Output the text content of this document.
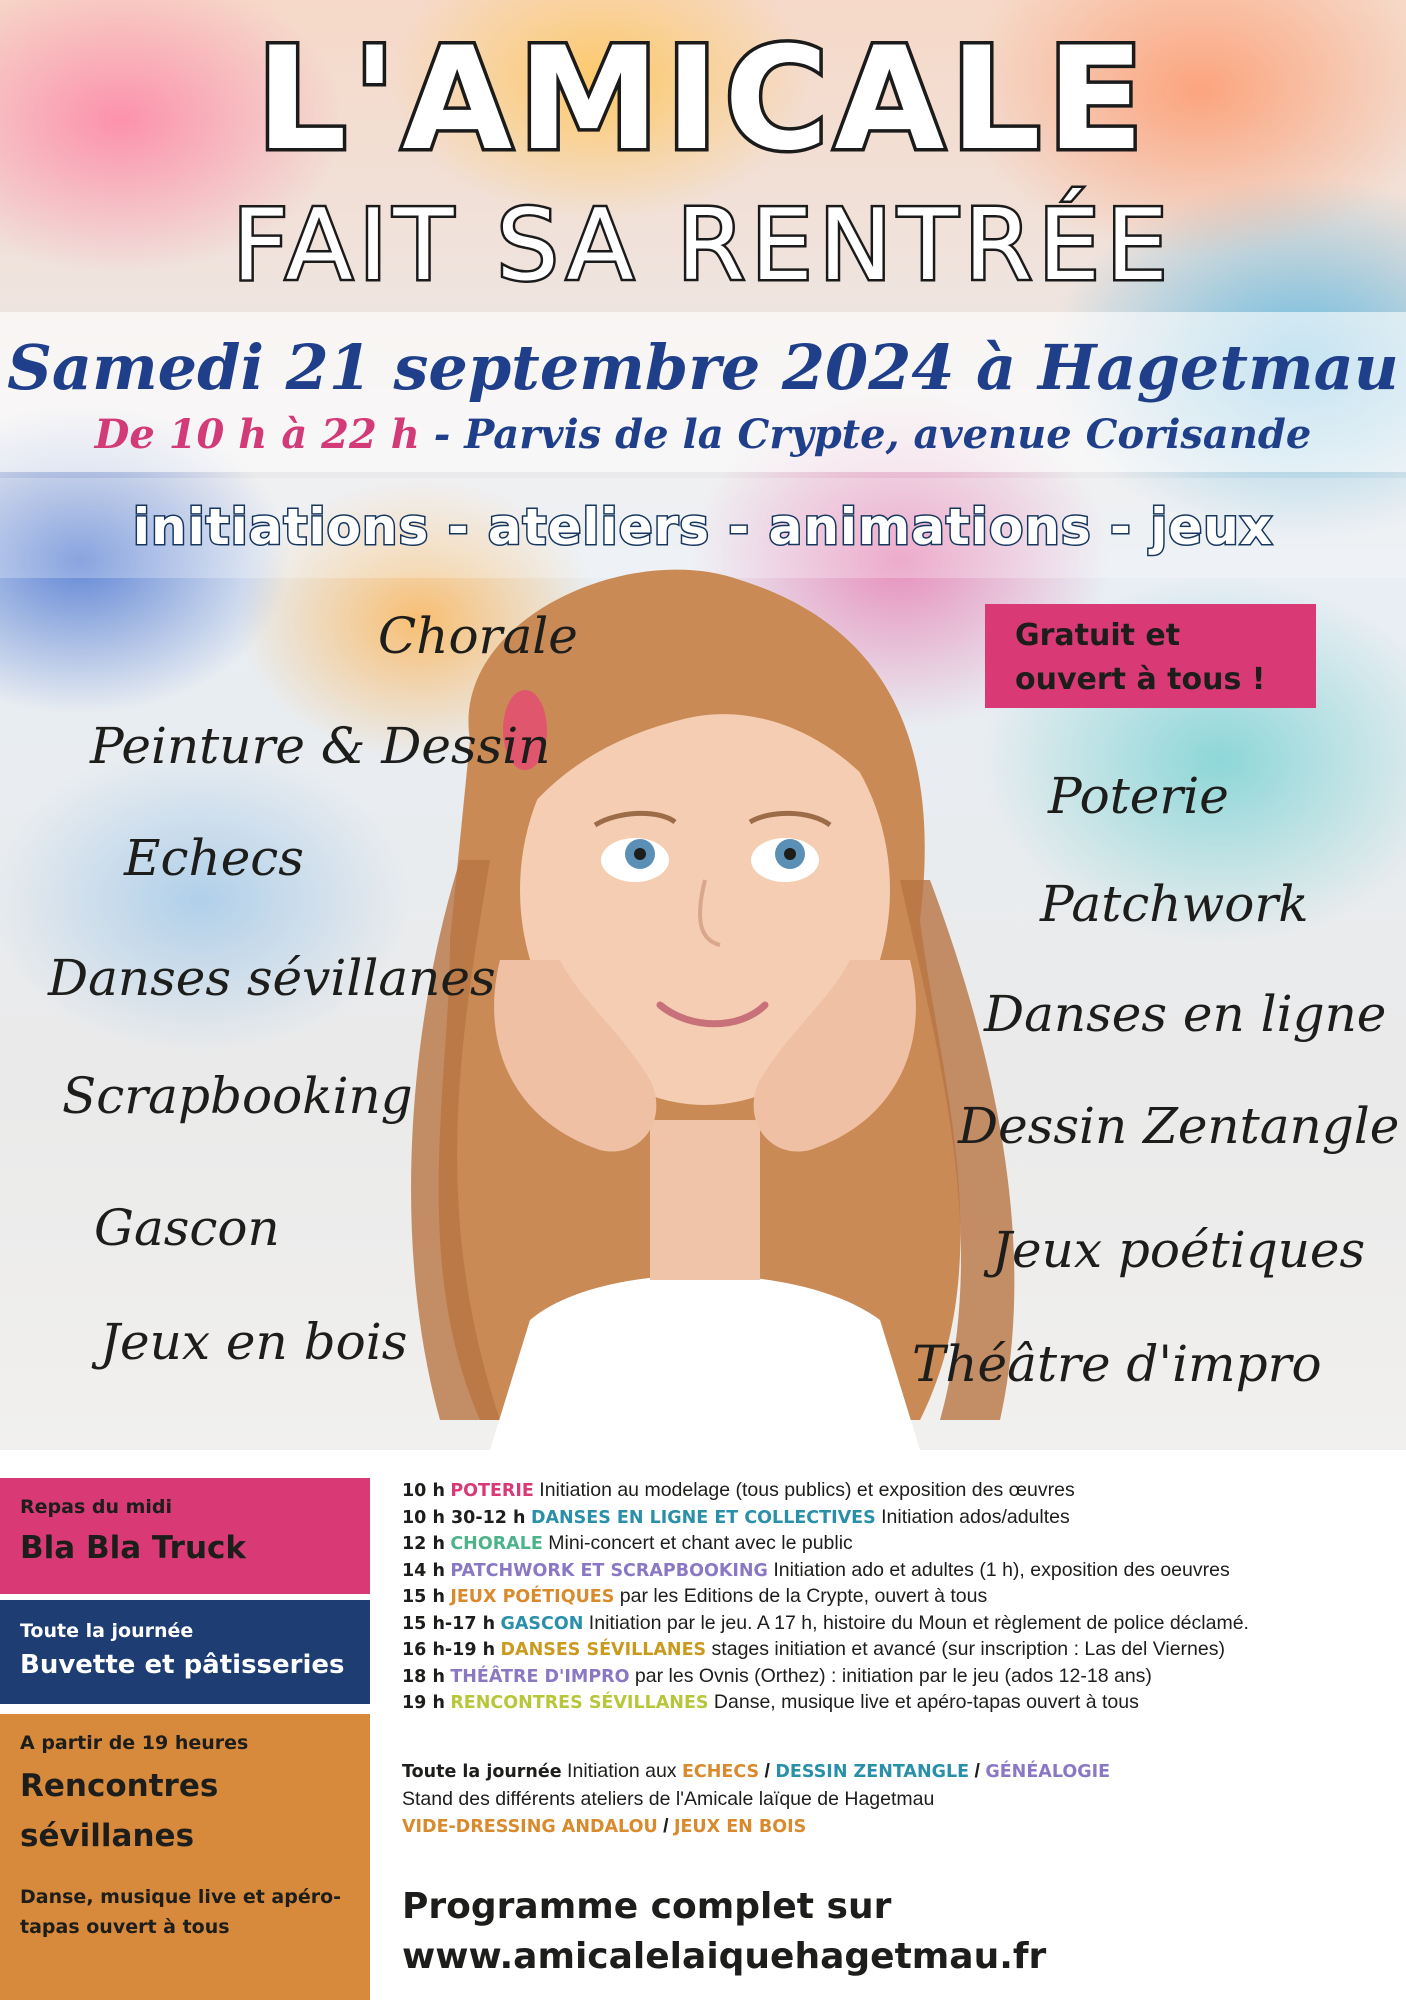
L'AMICALE
FAIT SA RENTRÉE
Samedi 21 septembre 2024 à Hagetmau
De 10 h à 22 h - Parvis de la Crypte, avenue Corisande
initiations - ateliers - animations - jeux
Gratuit et
ouvert à tous !
Chorale
Peinture & Dessin
Echecs
Danses sévillanes
Scrapbooking
Gascon
Jeux en bois
Poterie
Patchwork
Danses en ligne
Dessin Zentangle
Jeux poétiques
Théâtre d'impro
Repas du midi
Bla Bla Truck
Toute la journée
Buvette et pâtisseries
A partir de 19 heures
Rencontres
sévillanes
Danse, musique live et apéro-tapas ouvert à tous
10 h POTERIE Initiation au modelage (tous publics) et exposition des œuvres
10 h 30-12 h DANSES EN LIGNE ET COLLECTIVES Initiation ados/adultes
12 h CHORALE Mini-concert et chant avec le public
14 h PATCHWORK ET SCRAPBOOKING Initiation ado et adultes (1 h), exposition des oeuvres
15 h JEUX POÉTIQUES par les Editions de la Crypte, ouvert à tous
15 h-17 h GASCON Initiation par le jeu. A 17 h, histoire du Moun et règlement de police déclamé.
16 h-19 h DANSES SÉVILLANES stages initiation et avancé (sur inscription : Las del Viernes)
18 h THÉÂTRE D'IMPRO par les Ovnis (Orthez) : initiation par le jeu (ados 12-18 ans)
19 h RENCONTRES SÉVILLANES Danse, musique live et apéro-tapas ouvert à tous
Toute la journée Initiation aux ECHECS / DESSIN ZENTANGLE / GÉNÉALOGIE
Stand des différents ateliers de l'Amicale laïque de Hagetmau
VIDE-DRESSING ANDALOU / JEUX EN BOIS
Programme complet sur
www.amicalelaiquehagetmau.fr
